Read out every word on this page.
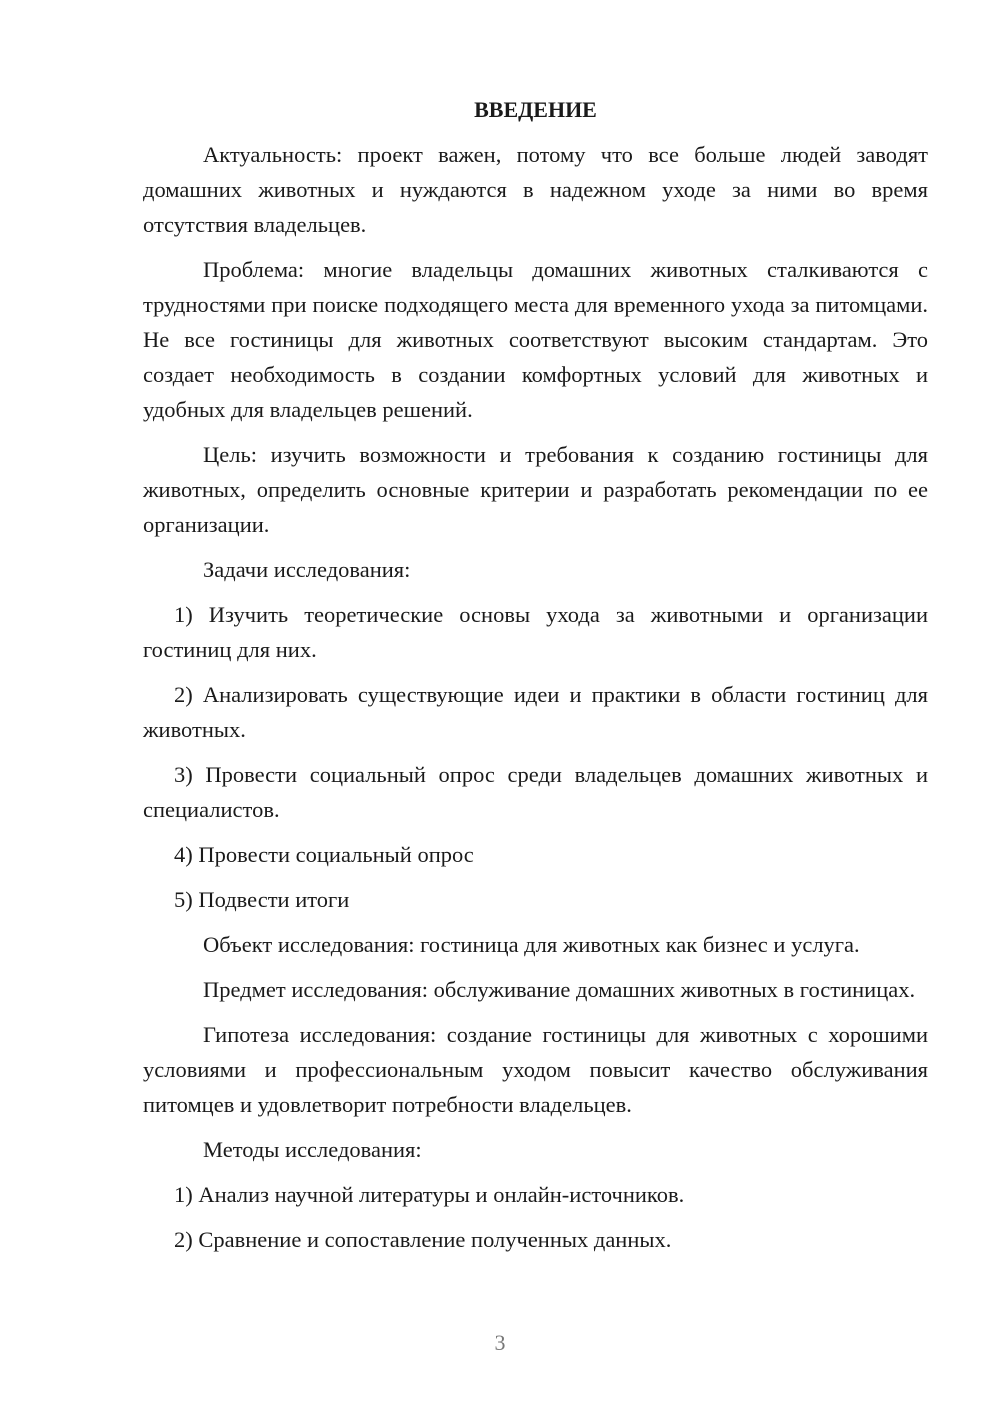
ВВЕДЕНИЕ

Актуальность: проект важен, потому что все больше людей заводят домашних животных и нуждаются в надежном уходе за ними во время отсутствия владельцев.

Проблема: многие владельцы домашних животных сталкиваются с трудностями при поиске подходящего места для временного ухода за питомцами. Не все гостиницы для животных соответствуют высоким стандартам. Это создает необходимость в создании комфортных условий для животных и удобных для владельцев решений.

Цель: изучить возможности и требования к созданию гостиницы для животных, определить основные критерии и разработать рекомендации по ее организации.

Задачи исследования:

1) Изучить теоретические основы ухода за животными и организации гостиниц для них.

2) Анализировать существующие идеи и практики в области гостиниц для животных.

3) Провести социальный опрос среди владельцев домашних животных и специалистов.

4) Провести социальный опрос

5) Подвести итоги

Объект исследования: гостиница для животных как бизнес и услуга.

Предмет исследования: обслуживание домашних животных в гостиницах.

Гипотеза исследования: создание гостиницы для животных с хорошими условиями и профессиональным уходом повысит качество обслуживания питомцев и удовлетворит потребности владельцев.

Методы исследования:

1) Анализ научной литературы и онлайн-источников.

2) Сравнение и сопоставление полученных данных.

3
